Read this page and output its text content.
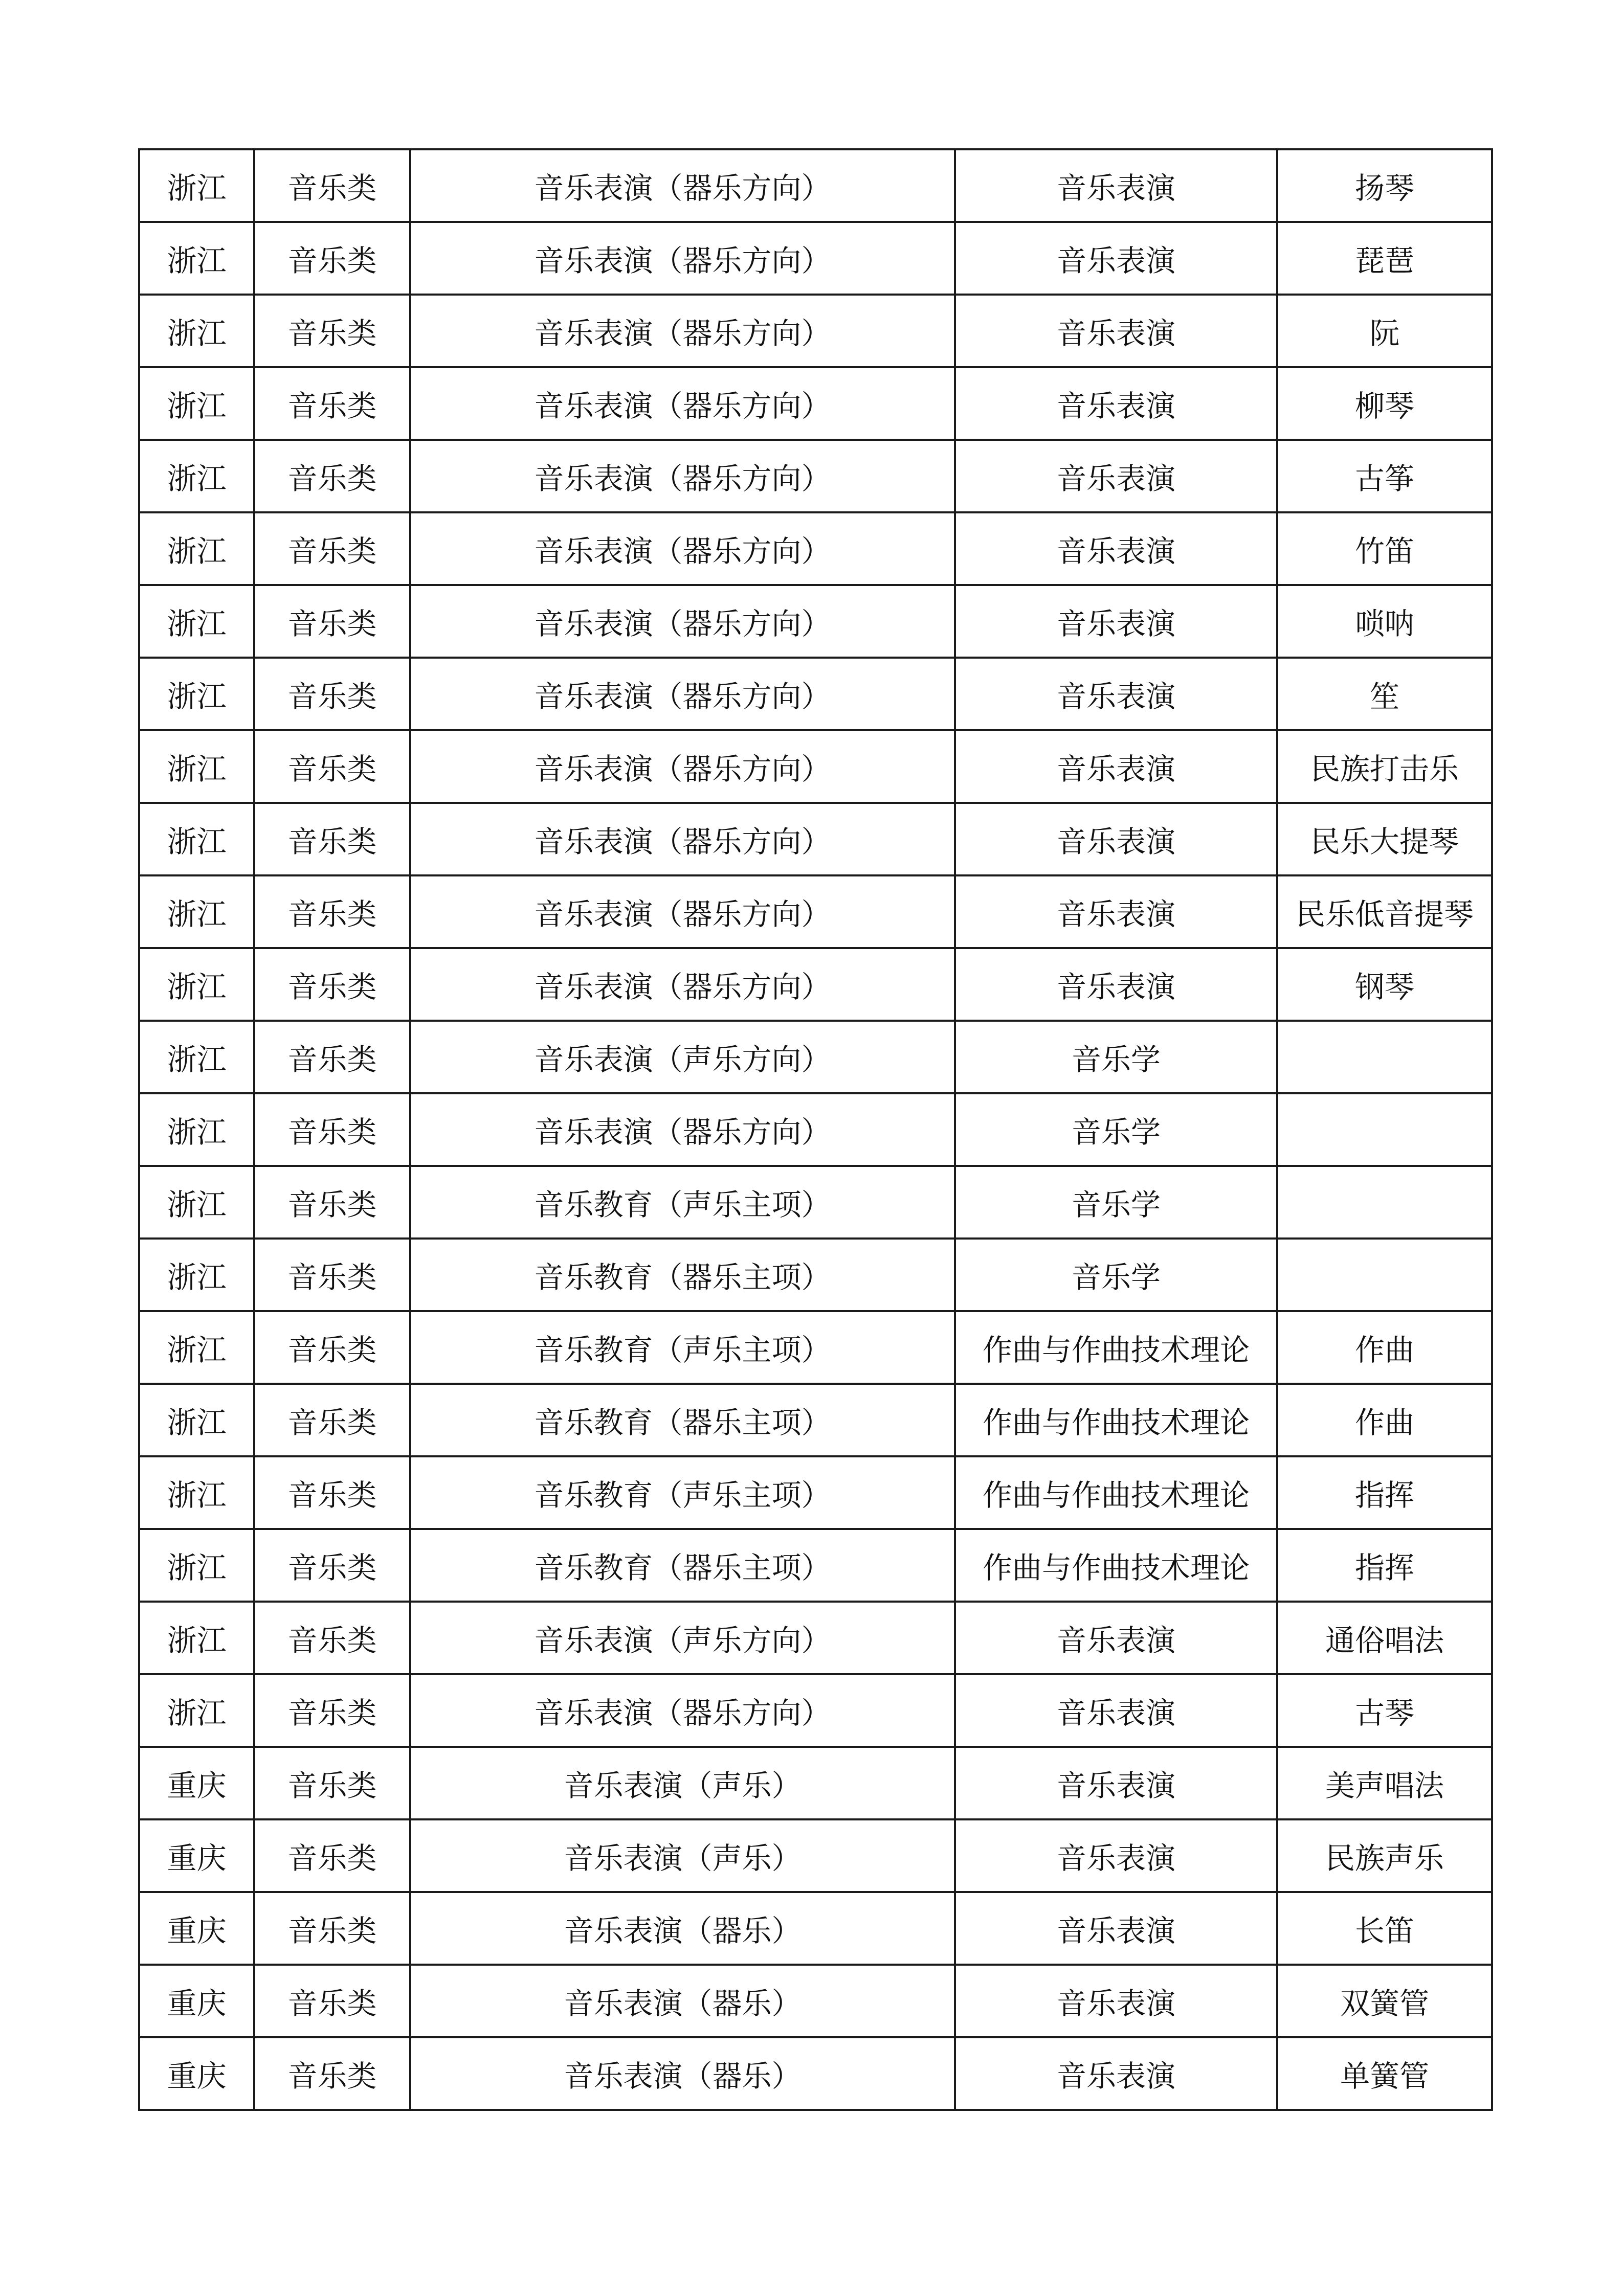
浙江	音乐类	音乐表演（器乐方向）	音乐表演	扬琴
浙江	音乐类	音乐表演（器乐方向）	音乐表演	琵琶
浙江	音乐类	音乐表演（器乐方向）	音乐表演	阮
浙江	音乐类	音乐表演（器乐方向）	音乐表演	柳琴
浙江	音乐类	音乐表演（器乐方向）	音乐表演	古筝
浙江	音乐类	音乐表演（器乐方向）	音乐表演	竹笛
浙江	音乐类	音乐表演（器乐方向）	音乐表演	唢呐
浙江	音乐类	音乐表演（器乐方向）	音乐表演	笙
浙江	音乐类	音乐表演（器乐方向）	音乐表演	民族打击乐
浙江	音乐类	音乐表演（器乐方向）	音乐表演	民乐大提琴
浙江	音乐类	音乐表演（器乐方向）	音乐表演	民乐低音提琴
浙江	音乐类	音乐表演（器乐方向）	音乐表演	钢琴
浙江	音乐类	音乐表演（声乐方向）	音乐学	
浙江	音乐类	音乐表演（器乐方向）	音乐学	
浙江	音乐类	音乐教育（声乐主项）	音乐学	
浙江	音乐类	音乐教育（器乐主项）	音乐学	
浙江	音乐类	音乐教育（声乐主项）	作曲与作曲技术理论	作曲
浙江	音乐类	音乐教育（器乐主项）	作曲与作曲技术理论	作曲
浙江	音乐类	音乐教育（声乐主项）	作曲与作曲技术理论	指挥
浙江	音乐类	音乐教育（器乐主项）	作曲与作曲技术理论	指挥
浙江	音乐类	音乐表演（声乐方向）	音乐表演	通俗唱法
浙江	音乐类	音乐表演（器乐方向）	音乐表演	古琴
重庆	音乐类	音乐表演（声乐）	音乐表演	美声唱法
重庆	音乐类	音乐表演（声乐）	音乐表演	民族声乐
重庆	音乐类	音乐表演（器乐）	音乐表演	长笛
重庆	音乐类	音乐表演（器乐）	音乐表演	双簧管
重庆	音乐类	音乐表演（器乐）	音乐表演	单簧管
